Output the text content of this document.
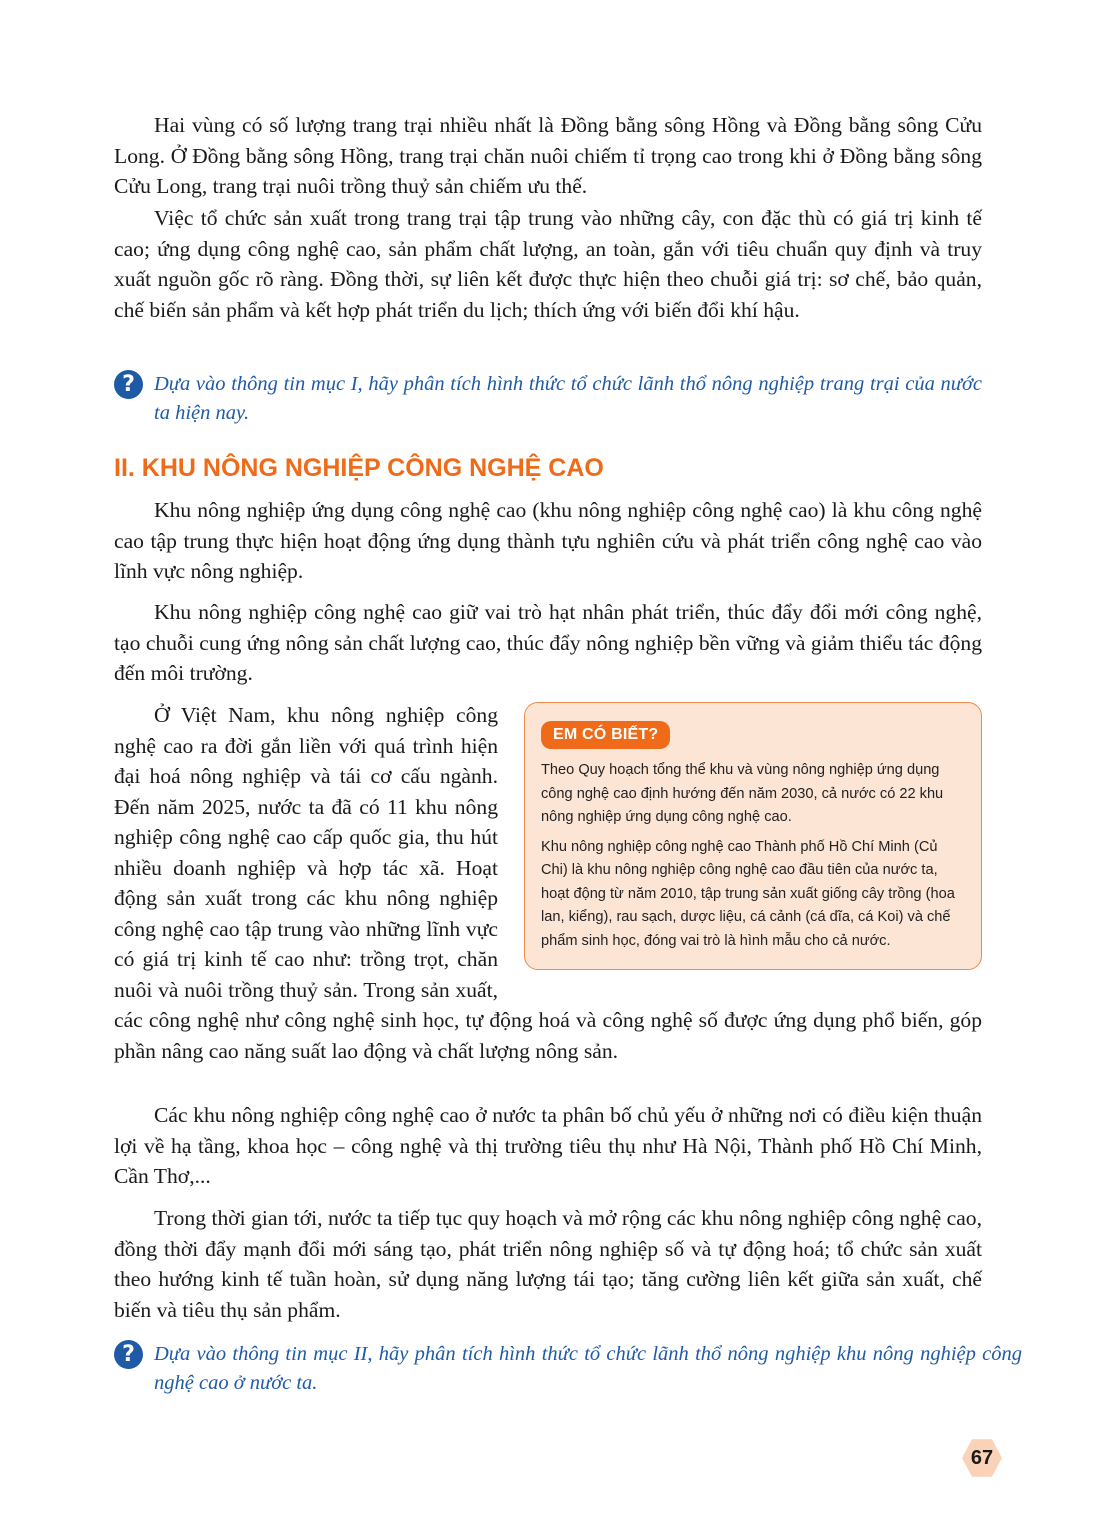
Hai vùng có số lượng trang trại nhiều nhất là Đồng bằng sông Hồng và Đồng bằng sông Cửu Long. Ở Đồng bằng sông Hồng, trang trại chăn nuôi chiếm tỉ trọng cao trong khi ở Đồng bằng sông Cửu Long, trang trại nuôi trồng thuỷ sản chiếm ưu thế.

Việc tổ chức sản xuất trong trang trại tập trung vào những cây, con đặc thù có giá trị kinh tế cao; ứng dụng công nghệ cao, sản phẩm chất lượng, an toàn, gắn với tiêu chuẩn quy định và truy xuất nguồn gốc rõ ràng. Đồng thời, sự liên kết được thực hiện theo chuỗi giá trị: sơ chế, bảo quản, chế biến sản phẩm và kết hợp phát triển du lịch; thích ứng với biến đổi khí hậu.

? Dựa vào thông tin mục I, hãy phân tích hình thức tổ chức lãnh thổ nông nghiệp trang trại của nước ta hiện nay.
II. KHU NÔNG NGHIỆP CÔNG NGHỆ CAO

Khu nông nghiệp ứng dụng công nghệ cao (khu nông nghiệp công nghệ cao) là khu công nghệ cao tập trung thực hiện hoạt động ứng dụng thành tựu nghiên cứu và phát triển công nghệ cao vào lĩnh vực nông nghiệp.

Khu nông nghiệp công nghệ cao giữ vai trò hạt nhân phát triển, thúc đẩy đổi mới công nghệ, tạo chuỗi cung ứng nông sản chất lượng cao, thúc đẩy nông nghiệp bền vững và giảm thiểu tác động đến môi trường.

EM CÓ BIẾT?

Theo Quy hoạch tổng thể khu và vùng nông nghiệp ứng dụng công nghệ cao định hướng đến năm 2030, cả nước có 22 khu nông nghiệp ứng dụng công nghệ cao.

Khu nông nghiệp công nghệ cao Thành phố Hồ Chí Minh (Củ Chi) là khu nông nghiệp công nghệ cao đầu tiên của nước ta, hoạt động từ năm 2010, tập trung sản xuất giống cây trồng (hoa lan, kiểng), rau sạch, dược liệu, cá cảnh (cá dĩa, cá Koi) và chế phẩm sinh học, đóng vai trò là hình mẫu cho cả nước.

Ở Việt Nam, khu nông nghiệp công nghệ cao ra đời gắn liền với quá trình hiện đại hoá nông nghiệp và tái cơ cấu ngành. Đến năm 2025, nước ta đã có 11 khu nông nghiệp công nghệ cao cấp quốc gia, thu hút nhiều doanh nghiệp và hợp tác xã. Hoạt động sản xuất trong các khu nông nghiệp công nghệ cao tập trung vào những lĩnh vực có giá trị kinh tế cao như: trồng trọt, chăn nuôi và nuôi trồng thuỷ sản. Trong sản xuất, các công nghệ như công nghệ sinh học, tự động hoá và công nghệ số được ứng dụng phổ biến, góp phần nâng cao năng suất lao động và chất lượng nông sản.

Các khu nông nghiệp công nghệ cao ở nước ta phân bố chủ yếu ở những nơi có điều kiện thuận lợi về hạ tầng, khoa học – công nghệ và thị trường tiêu thụ như Hà Nội, Thành phố Hồ Chí Minh, Cần Thơ,...

Trong thời gian tới, nước ta tiếp tục quy hoạch và mở rộng các khu nông nghiệp công nghệ cao, đồng thời đẩy mạnh đổi mới sáng tạo, phát triển nông nghiệp số và tự động hoá; tổ chức sản xuất theo hướng kinh tế tuần hoàn, sử dụng năng lượng tái tạo; tăng cường liên kết giữa sản xuất, chế biến và tiêu thụ sản phẩm.

? Dựa vào thông tin mục II, hãy phân tích hình thức tổ chức lãnh thổ nông nghiệp khu nông nghiệp công nghệ cao ở nước ta.
67
